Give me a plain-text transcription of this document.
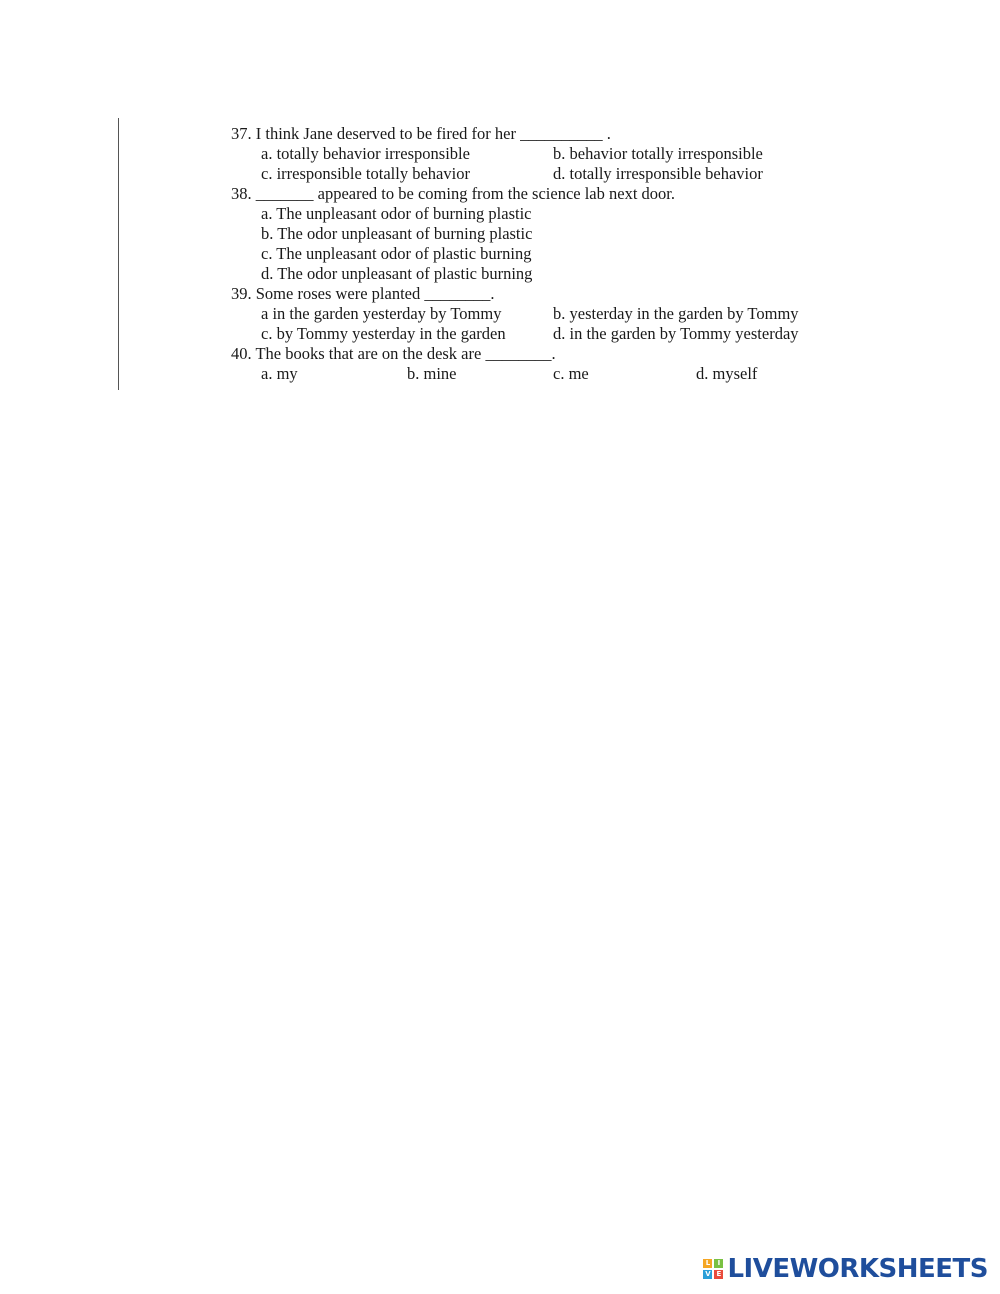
37. I think Jane deserved to be fired for her __________ .
a. totally behavior irresponsible	b. behavior totally irresponsible
c. irresponsible totally behavior	d. totally irresponsible behavior
38. _______ appeared to be coming from the science lab next door.
a. The unpleasant odor of burning plastic
b. The odor unpleasant of burning plastic
c. The unpleasant odor of plastic burning
d. The odor unpleasant of plastic burning
39. Some roses were planted ________.
a in the garden yesterday by Tommy	b. yesterday in the garden by Tommy
c. by Tommy yesterday in the garden	d. in the garden by Tommy yesterday
40. The books that are on the desk are ________.
a. my	b. mine	c. me	d. myself
L	I
V E LIVEWORKSHEETS
